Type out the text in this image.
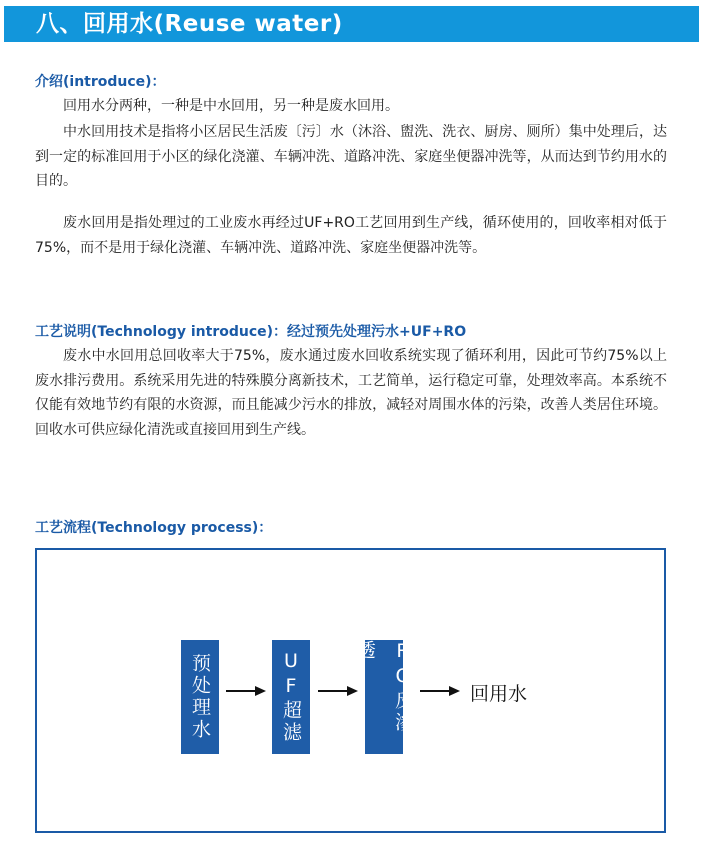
八、回用水(Reuse water)
介绍(introduce)：

回用水分两种，一种是中水回用，另一种是废水回用。

中水回用技术是指将小区居民生活废〔污〕水（沐浴、盥洗、洗衣、厨房、厕所）集中处理后，达到一定的标准回用于小区的绿化浇灌、车辆冲洗、道路冲洗、家庭坐便器冲洗等，从而达到节约用水的目的。

废水回用是指处理过的工业废水再经过UF+RO工艺回用到生产线，循环使用的，回收率相对低于75%，而不是用于绿化浇灌、车辆冲洗、道路冲洗、家庭坐便器冲洗等。

工艺说明(Technology introduce)：经过预先处理污水+UF+RO

废水中水回用总回收率大于75%，废水通过废水回收系统实现了循环利用，因此可节约75%以上废水排污费用。系统采用先进的特殊膜分离新技术，工艺简单，运行稳定可靠，处理效率高。本系统不仅能有效地节约有限的水资源，而且能减少污水的排放，减轻对周围水体的污染，改善人类居住环境。回收水可供应绿化清洗或直接回用到生产线。

工艺流程(Technology process)：
预处理水	UF超滤	RO反渗透
回用水
